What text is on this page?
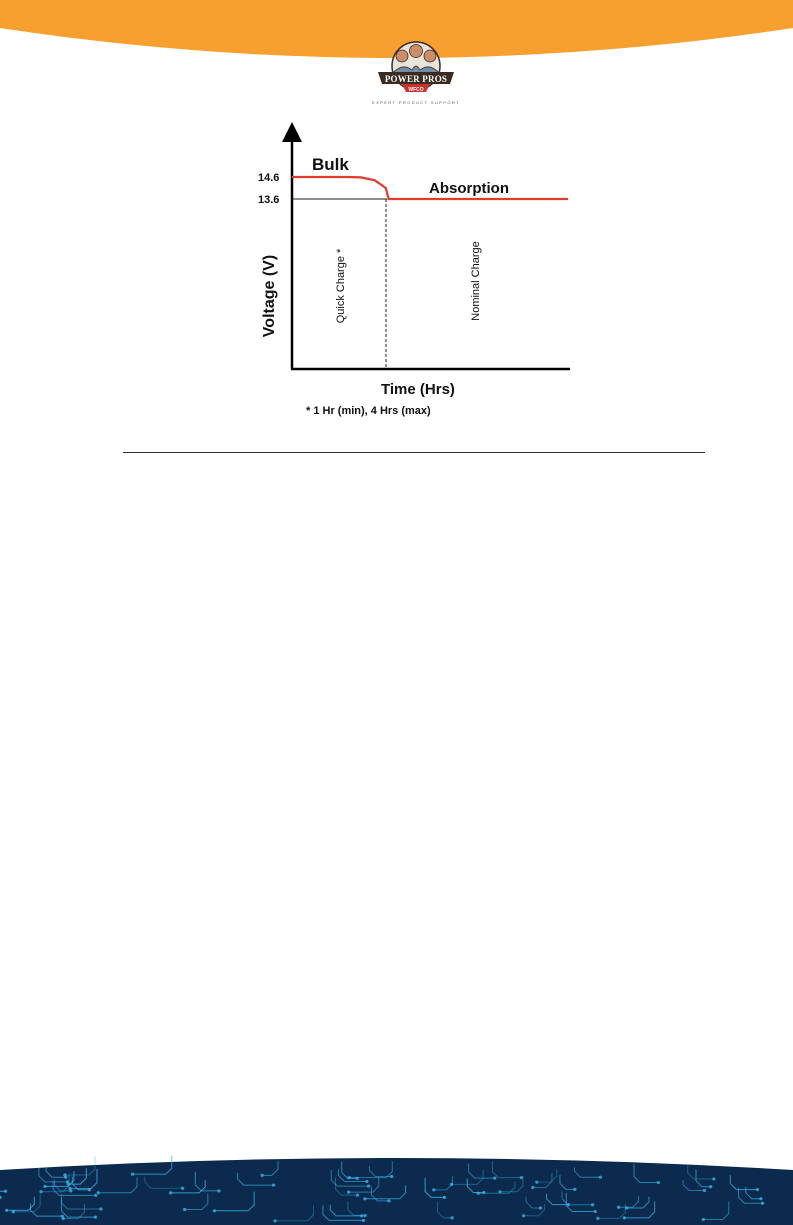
POWER PROS
WFCO
EXPERT PRODUCT SUPPORT
14.6
13.6
Bulk
Absorption
Voltage (V)	Quick Charge *	Nominal Charge
Time (Hrs)
* 1 Hr (min), 4 Hrs (max)
